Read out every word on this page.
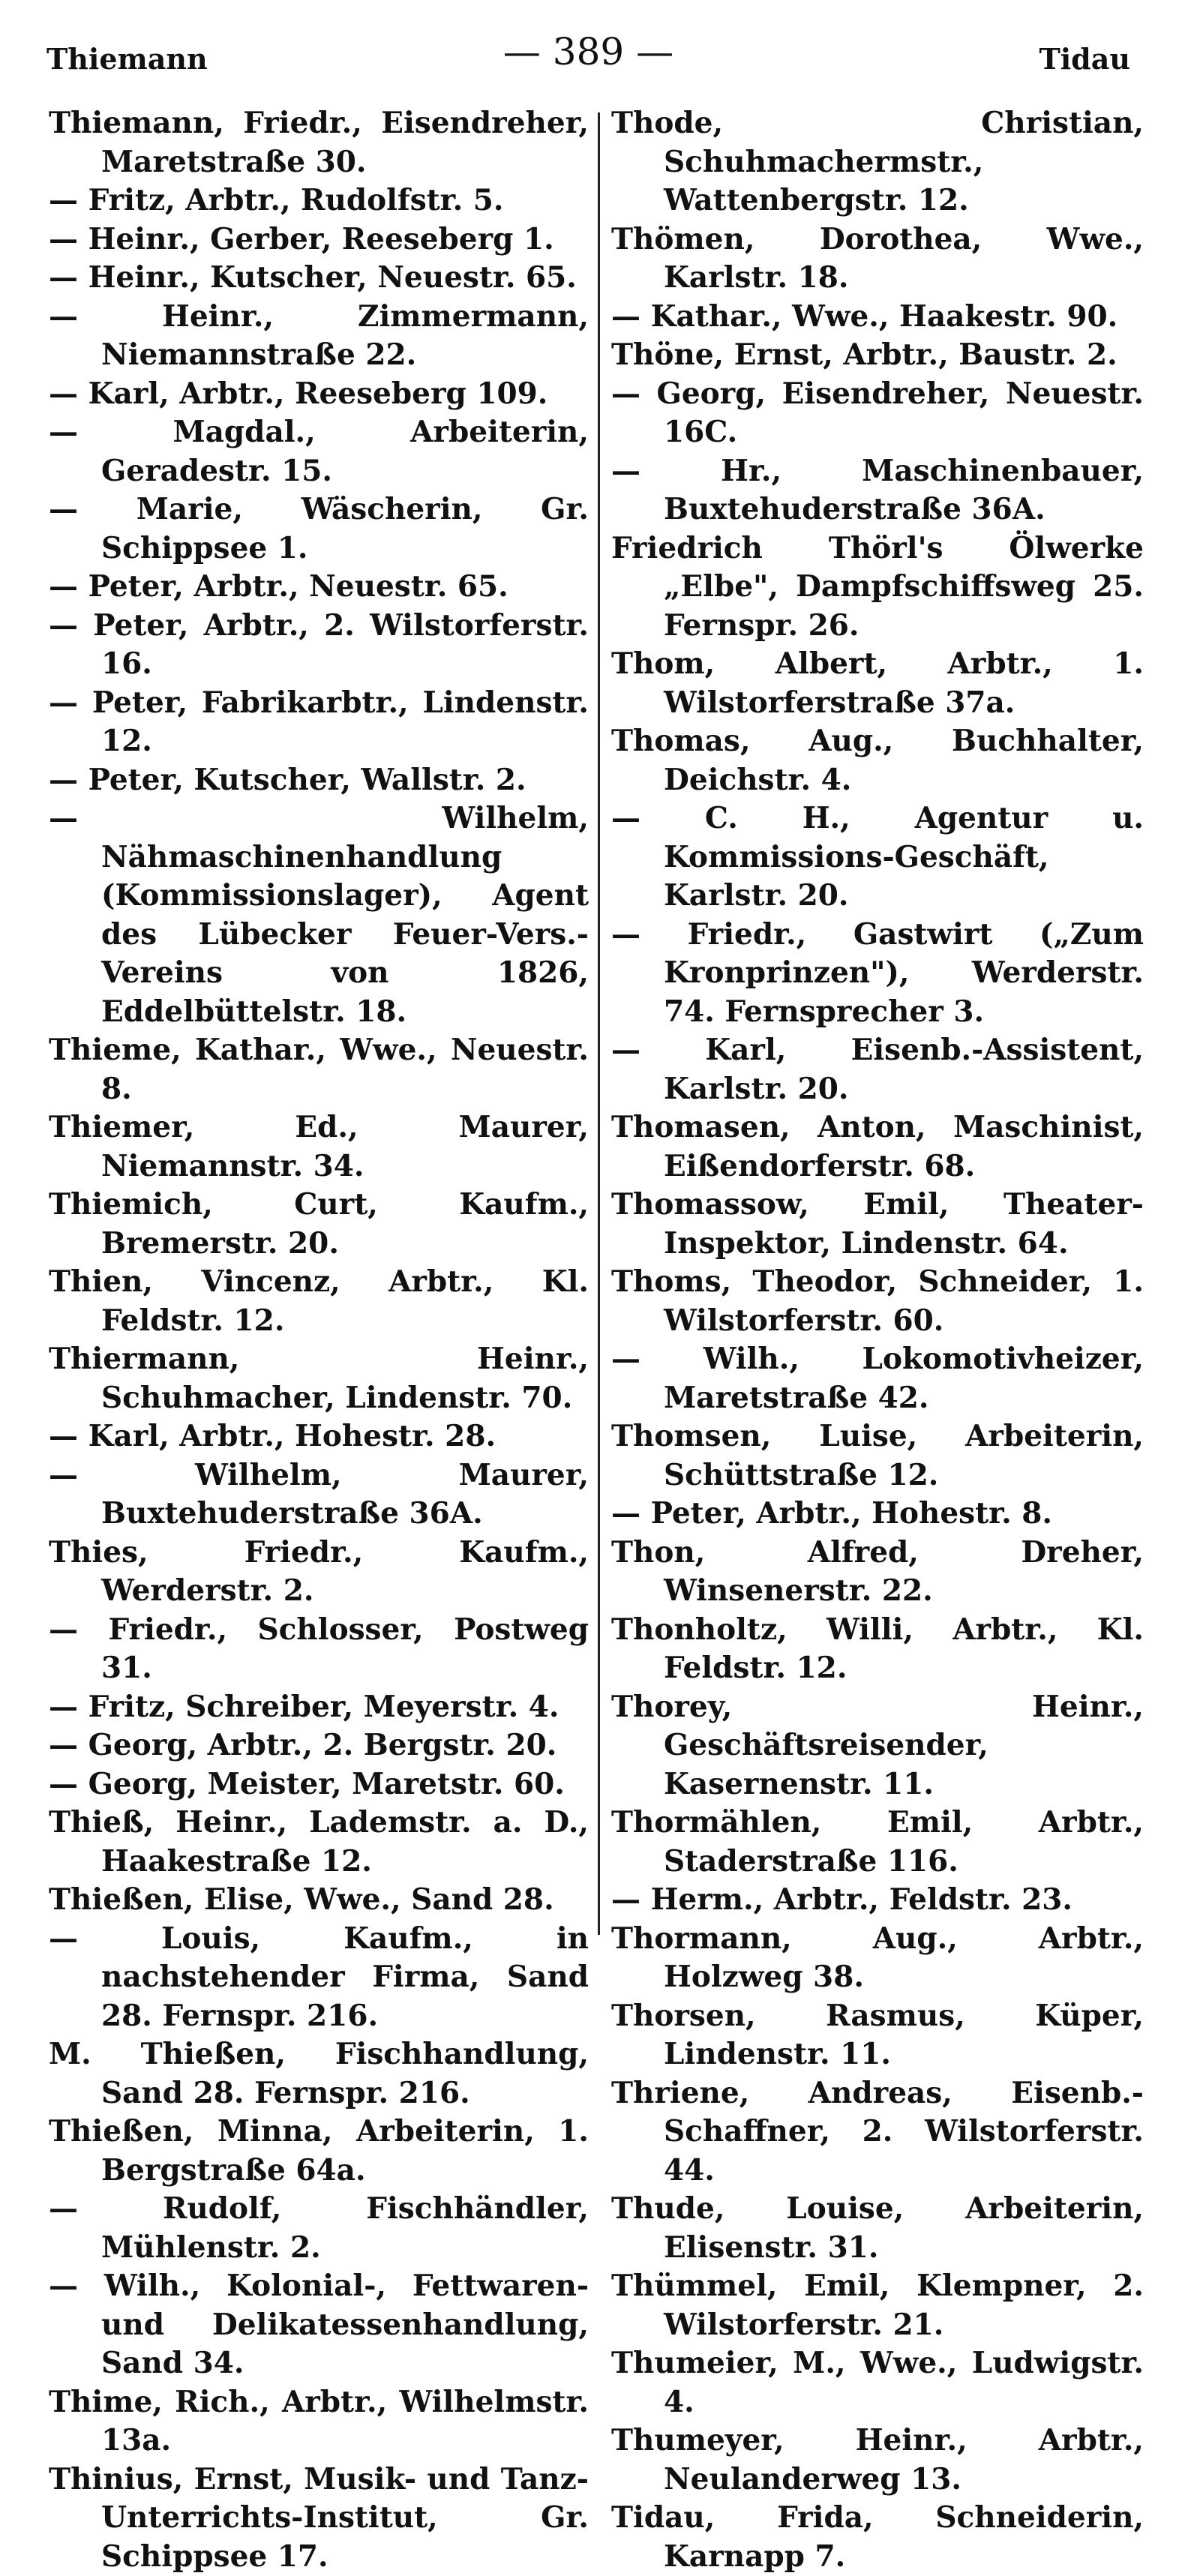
Thiemann	— 389 —	Tidau
Thiemann, Friedr., Eisendreher, Maretstraße 30.
— Fritz, Arbtr., Rudolfstr. 5.
— Heinr., Gerber, Reeseberg 1.
— Heinr., Kutscher, Neuestr. 65.
— Heinr., Zimmermann, Niemannstraße 22.
— Karl, Arbtr., Reeseberg 109.
— Magdal., Arbeiterin, Geradestr. 15.
— Marie, Wäscherin, Gr. Schippsee 1.
— Peter, Arbtr., Neuestr. 65.
— Peter, Arbtr., 2. Wilstorferstr. 16.
— Peter, Fabrikarbtr., Lindenstr. 12.
— Peter, Kutscher, Wallstr. 2.
— Wilhelm, Nähmaschinenhandlung (Kommissionslager), Agent des Lübecker Feuer-Vers.-Vereins von 1826, Eddelbüttelstr. 18.
Thieme, Kathar., Wwe., Neuestr. 8.
Thiemer, Ed., Maurer, Niemannstr. 34.
Thiemich, Curt, Kaufm., Bremerstr. 20.
Thien, Vincenz, Arbtr., Kl. Feldstr. 12.
Thiermann, Heinr., Schuhmacher, Lindenstr. 70.
— Karl, Arbtr., Hohestr. 28.
— Wilhelm, Maurer, Buxtehuderstraße 36A.
Thies, Friedr., Kaufm., Werderstr. 2.
— Friedr., Schlosser, Postweg 31.
— Fritz, Schreiber, Meyerstr. 4.
— Georg, Arbtr., 2. Bergstr. 20.
— Georg, Meister, Maretstr. 60.
Thieß, Heinr., Lademstr. a. D., Haakestraße 12.
Thießen, Elise, Wwe., Sand 28.
— Louis, Kaufm., in nachstehender Firma, Sand 28. Fernspr. 216.
M. Thießen, Fischhandlung, Sand 28. Fernspr. 216.
Thießen, Minna, Arbeiterin, 1. Bergstraße 64a.
— Rudolf, Fischhändler, Mühlenstr. 2.
— Wilh., Kolonial-, Fettwaren- und Delikatessenhandlung, Sand 34.
Thime, Rich., Arbtr., Wilhelmstr. 13a.
Thinius, Ernst, Musik- und Tanz-Unterrichts-Institut, Gr. Schippsee 17.
Thode, Christian, Schuhmachermstr., Wattenbergstr. 12.
Thömen, Dorothea, Wwe., Karlstr. 18.
— Kathar., Wwe., Haakestr. 90.
Thöne, Ernst, Arbtr., Baustr. 2.
— Georg, Eisendreher, Neuestr. 16C.
— Hr., Maschinenbauer, Buxtehuderstraße 36A.
Friedrich Thörl's Ölwerke „Elbe", Dampfschiffsweg 25. Fernspr. 26.
Thom, Albert, Arbtr., 1. Wilstorferstraße 37a.
Thomas, Aug., Buchhalter, Deichstr. 4.
— C. H., Agentur u. Kommissions-Geschäft, Karlstr. 20.
— Friedr., Gastwirt („Zum Kronprinzen"), Werderstr. 74. Fernsprecher 3.
— Karl, Eisenb.-Assistent, Karlstr. 20.
Thomasen, Anton, Maschinist, Eißendorferstr. 68.
Thomassow, Emil, Theater-Inspektor, Lindenstr. 64.
Thoms, Theodor, Schneider, 1. Wilstorferstr. 60.
— Wilh., Lokomotivheizer, Maretstraße 42.
Thomsen, Luise, Arbeiterin, Schüttstraße 12.
— Peter, Arbtr., Hohestr. 8.
Thon, Alfred, Dreher, Winsenerstr. 22.
Thonholtz, Willi, Arbtr., Kl. Feldstr. 12.
Thorey, Heinr., Geschäftsreisender, Kasernenstr. 11.
Thormählen, Emil, Arbtr., Staderstraße 116.
— Herm., Arbtr., Feldstr. 23.
Thormann, Aug., Arbtr., Holzweg 38.
Thorsen, Rasmus, Küper, Lindenstr. 11.
Thriene, Andreas, Eisenb.-Schaffner, 2. Wilstorferstr. 44.
Thude, Louise, Arbeiterin, Elisenstr. 31.
Thümmel, Emil, Klempner, 2. Wilstorferstr. 21.
Thumeier, M., Wwe., Ludwigstr. 4.
Thumeyer, Heinr., Arbtr., Neulanderweg 13.
Tidau, Frida, Schneiderin, Karnapp 7.
